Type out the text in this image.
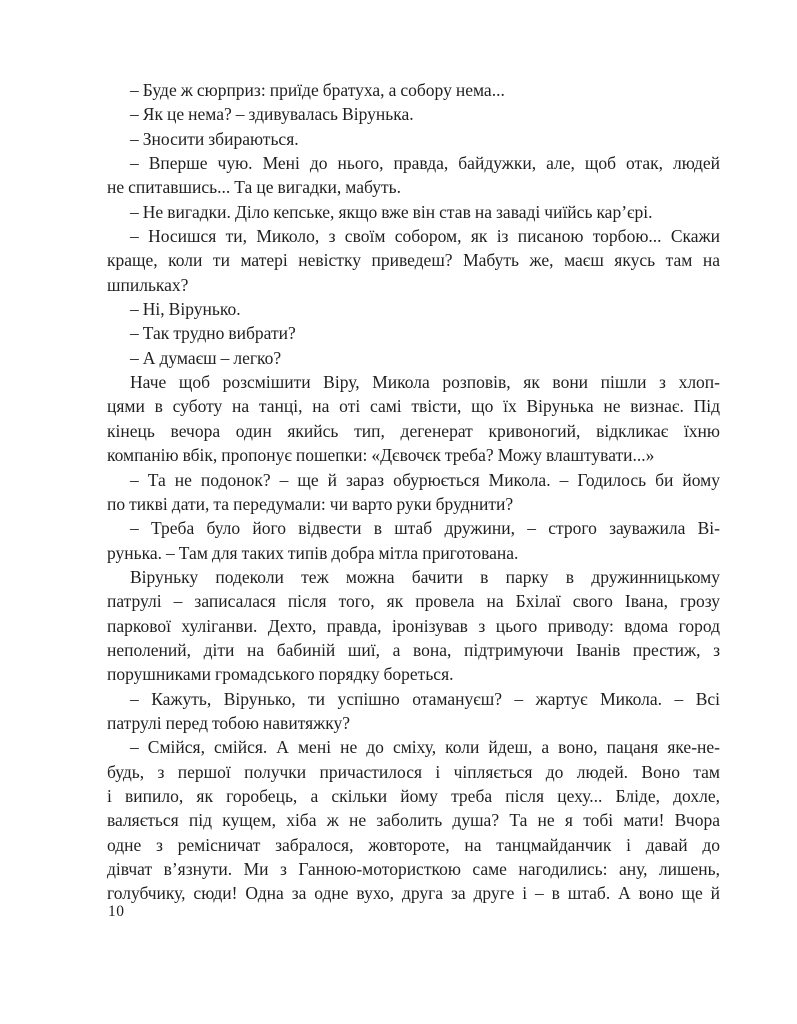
– Буде ж сюрприз: приїде братуха, а собору нема...
– Як це нема? – здивувалась Вірунька.
– Зносити збираються.
– Вперше чую. Мені до нього, правда, байдужки, але, щоб отак, людей
не спитавшись... Та це вигадки, мабуть.
– Не вигадки. Діло кепське, якщо вже він став на заваді чиїйсь кар’єрі.
– Носишся ти, Миколо, з своїм собором, як із писаною торбою... Скажи
краще, коли ти матері невістку приведеш? Мабуть же, маєш якусь там на
шпильках?
– Ні, Вірунько.
– Так трудно вибрати?
– А думаєш – легко?
Наче щоб розсмішити Віру, Микола розповів, як вони пішли з хлоп-
цями в суботу на танці, на оті самі твісти, що їх Вірунька не визнає. Під
кінець вечора один якийсь тип, дегенерат кривоногий, відкликає їхню
компанію вбік, пропонує пошепки: «Дєвочєк треба? Можу влаштувати...»
– Та не подонок? – ще й зараз обурюється Микола. – Годилось би йому
по тикві дати, та передумали: чи варто руки бруднити?
– Треба було його відвести в штаб дружини, – строго зауважила Ві-
рунька. – Там для таких типів добра мітла приготована.
Віруньку подеколи теж можна бачити в парку в дружинницькому
патрулі – записалася після того, як провела на Бхілаї свого Івана, грозу
паркової хуліганви. Дехто, правда, іронізував з цього приводу: вдома город
неполений, діти на бабиній шиї, а вона, підтримуючи Іванів престиж, з
порушниками громадського порядку бореться.
– Кажуть, Вірунько, ти успішно отамануєш? – жартує Микола. – Всі
патрулі перед тобою навитяжку?
– Смійся, смійся. А мені не до сміху, коли йдеш, а воно, пацаня яке-не-
будь, з першої получки причастилося і чіпляється до людей. Воно там
і випило, як горобець, а скільки йому треба після цеху... Бліде, дохле,
валяється під кущем, хіба ж не заболить душа? Та не я тобі мати! Вчора
одне з ремісничат забралося, жовтороте, на танцмайданчик і давай до
дівчат в’язнути. Ми з Ганною-мотористкою саме нагодились: ану, лишень,
голубчику, сюди! Одна за одне вухо, друга за друге і – в штаб. А воно ще й
10
